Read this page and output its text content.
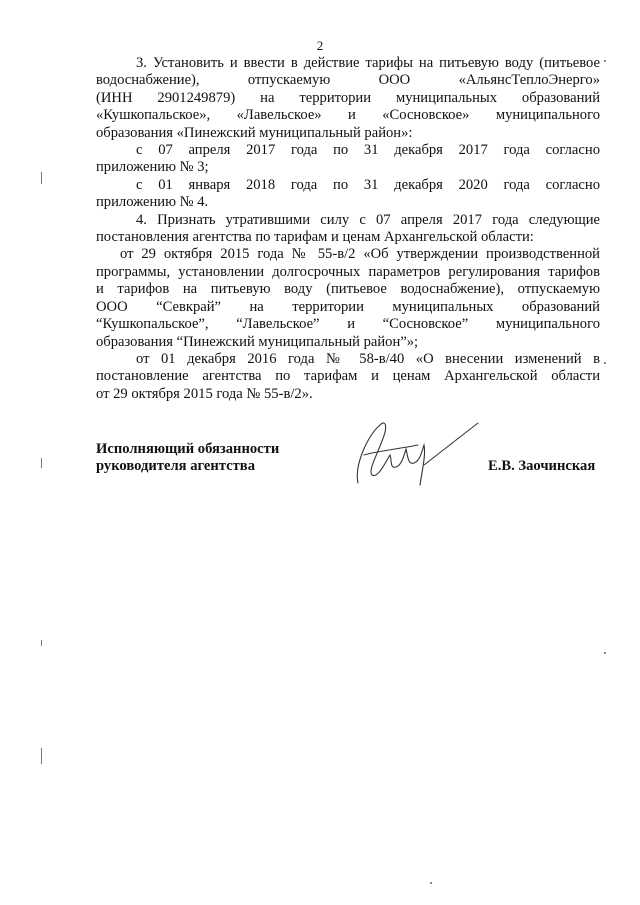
2
3. Установить и ввести в действие тарифы на питьевую воду (питьевое
водоснабжение), отпускаемую ООО «АльянсТеплоЭнерго»
(ИНН 2901249879) на территории муниципальных образований
«Кушкопальское», «Лавельское» и «Сосновское» муниципального
образования «Пинежский муниципальный район»:
с 07 апреля 2017 года по 31 декабря 2017 года согласно
приложению № 3;
с 01 января 2018 года по 31 декабря 2020 года согласно
приложению № 4.
4. Признать утратившими силу с 07 апреля 2017 года следующие
постановления агентства по тарифам и ценам Архангельской области:
от 29 октября 2015 года № 55-в/2 «Об утверждении производственной
программы, установлении долгосрочных параметров регулирования тарифов
и тарифов на питьевую воду (питьевое водоснабжение), отпускаемую
ООО “Севкрай” на территории муниципальных образований
“Кушкопальское”, “Лавельское” и “Сосновское” муниципального
образования “Пинежский муниципальный район”»;
от 01 декабря 2016 года № 58-в/40 «О внесении изменений в
постановление агентства по тарифам и ценам Архангельской области
от 29 октября 2015 года № 55-в/2».
Исполняющий обязанности
руководителя агентства	Е.В. Заочинская
